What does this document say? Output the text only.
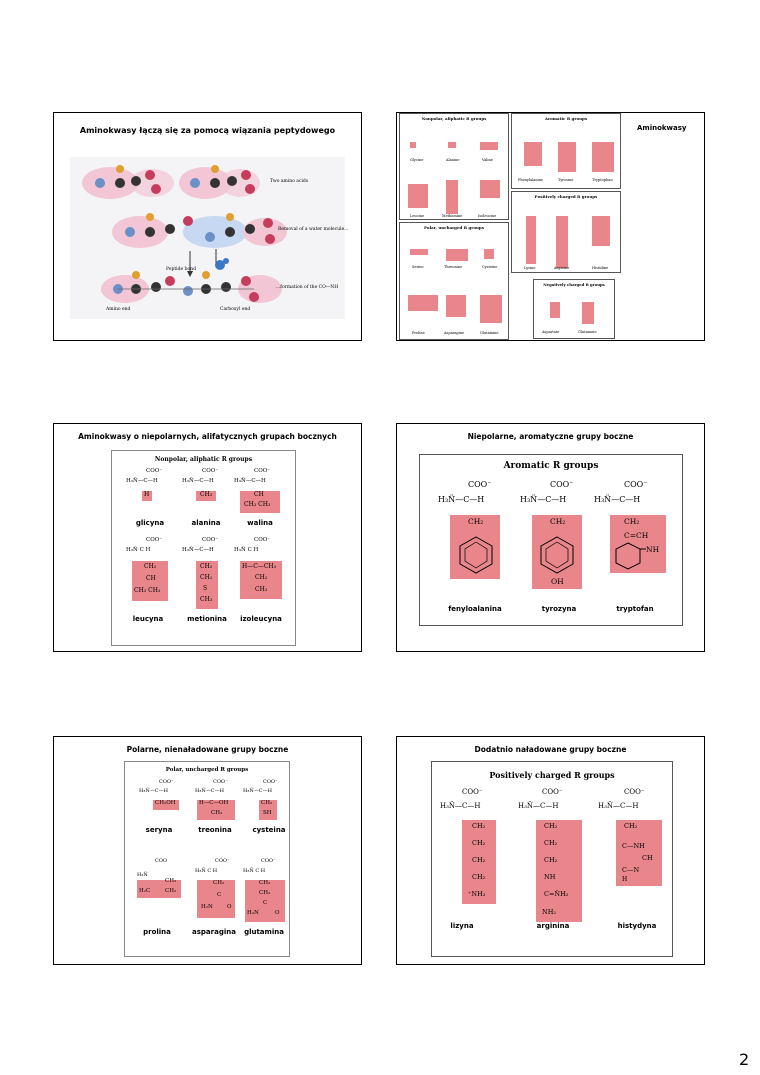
Aminokwasy łączą się za pomocą wiązania peptydowego
Two amino acids
Removal of a water molecule...
Peptide bond
...formation of the CO—NH
Amino end	Carboxyl end
Aminokwasy
Nonpolar, aliphatic R groups
Glycine	Alanine	Valine
Leucine	Methionine	Isoleucine
Aromatic R groups
Phenylalanine	Tyrosine	Tryptophan
Positively charged R groups
Lysine	Arginine	Histidine
Polar, uncharged R groups
Serine	Threonine	Cysteine
Proline	Asparagine	Glutamine
Negatively charged R groups
Aspartate	Glutamate
Aminokwasy o niepolarnych, alifatycznych grupach bocznych
Nonpolar, aliphatic R groups
COO⁻
H₃N̈—C—H
H
glicyna
COO⁻
H₃N̈—C—H
CH₃
alanina
COO⁻
H₃N̈—C—H
CH
CH₃ CH₃
walina
COO⁻
H₃N̈ C H
CH₂
CH
CH₃ CH₃
leucyna
COO⁻
H₃N̈—C—H
CH₂
CH₂
S
CH₃
metionina
COO⁻
H₃N̈ C H
H—C—CH₃
CH₂
CH₃
izoleucyna
Niepolarne, aromatyczne grupy boczne
Aromatic R groups
COO⁻
H₃N̈—C—H
CH₂
fenyloalanina
COO⁻
H₃N̈—C—H
CH₂
OH
tyrozyna
COO⁻
H₃N̈—C—H
CH₂
C=CH
NH
tryptofan
Polarne, nienaładowane grupy boczne
Polar, uncharged R groups
COO⁻
H₃N̈—C—H
CH₂OH
seryna
COO⁻
H₃N̈—C—H
H—C—OH
CH₃
treonina
COO⁻
H₃N̈—C—H
CH₂
SH
cysteina
COO
H₃N̈
H₂C	CH₂
CH₂
prolina
COO⁻
H₃N̈ C H
CH₂
C
H₂N	O
asparagina
COO⁻
H₃N̈ C H
CH₂
CH₂
C
H₂N	O
glutamina
Dodatnio naładowane grupy boczne
Positively charged R groups
COO⁻
H₃N̈—C—H
CH₂
CH₂
CH₂
CH₂
⁺NH₃
lizyna
COO⁻
H₃N̈—C—H
CH₂
CH₂
CH₂
NH
C=N̈H₂
NH₂
arginina
COO⁻
H₃N̈—C—H
CH₂
C—NH
CH
C—N
H
histydyna
2
